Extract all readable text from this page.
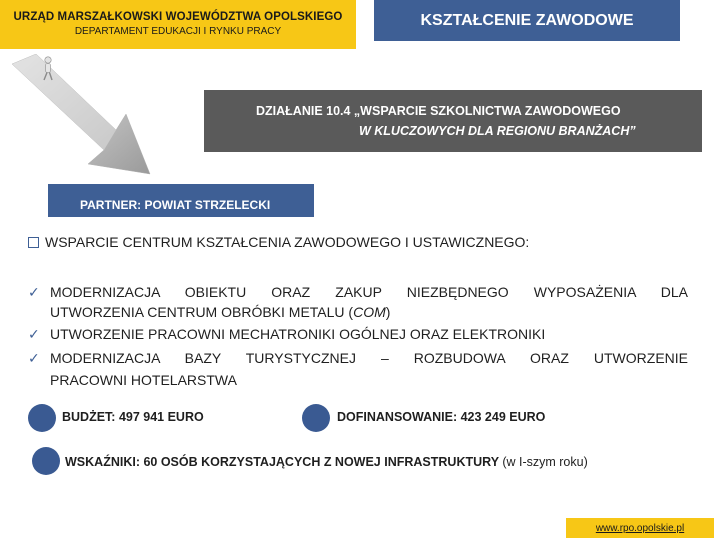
URZĄD MARSZAŁKOWSKI WOJEWÓDZTWA OPOLSKIEGO
DEPARTAMENT EDUKACJI I RYNKU PRACY
KSZTAŁCENIE ZAWODOWE
DZIAŁANIE 10.4 „WSPARCIE SZKOLNICTWA ZAWODOWEGO
W KLUCZOWYCH DLA REGIONU BRANŻACH”
PARTNER: POWIAT STRZELECKI
WSPARCIE CENTRUM KSZTAŁCENIA ZAWODOWEGO I USTAWICZNEGO:
✓ MODERNIZACJA OBIEKTU ORAZ ZAKUP NIEZBĘDNEGO WYPOSAŻENIA DLA
UTWORZENIA CENTRUM OBRÓBKI METALU (COM)
✓ UTWORZENIE PRACOWNI MECHATRONIKI OGÓLNEJ ORAZ ELEKTRONIKI
✓ MODERNIZACJA BAZY TURYSTYCZNEJ – ROZBUDOWA ORAZ UTWORZENIE
PRACOWNI HOTELARSTWA
BUDŻET: 497 941 EURO	DOFINANSOWANIE: 423 249 EURO
WSKAŹNIKI: 60 OSÓB KORZYSTAJĄCYCH Z NOWEJ INFRASTRUKTURY (w I-szym roku)
www.rpo.opolskie.pl
